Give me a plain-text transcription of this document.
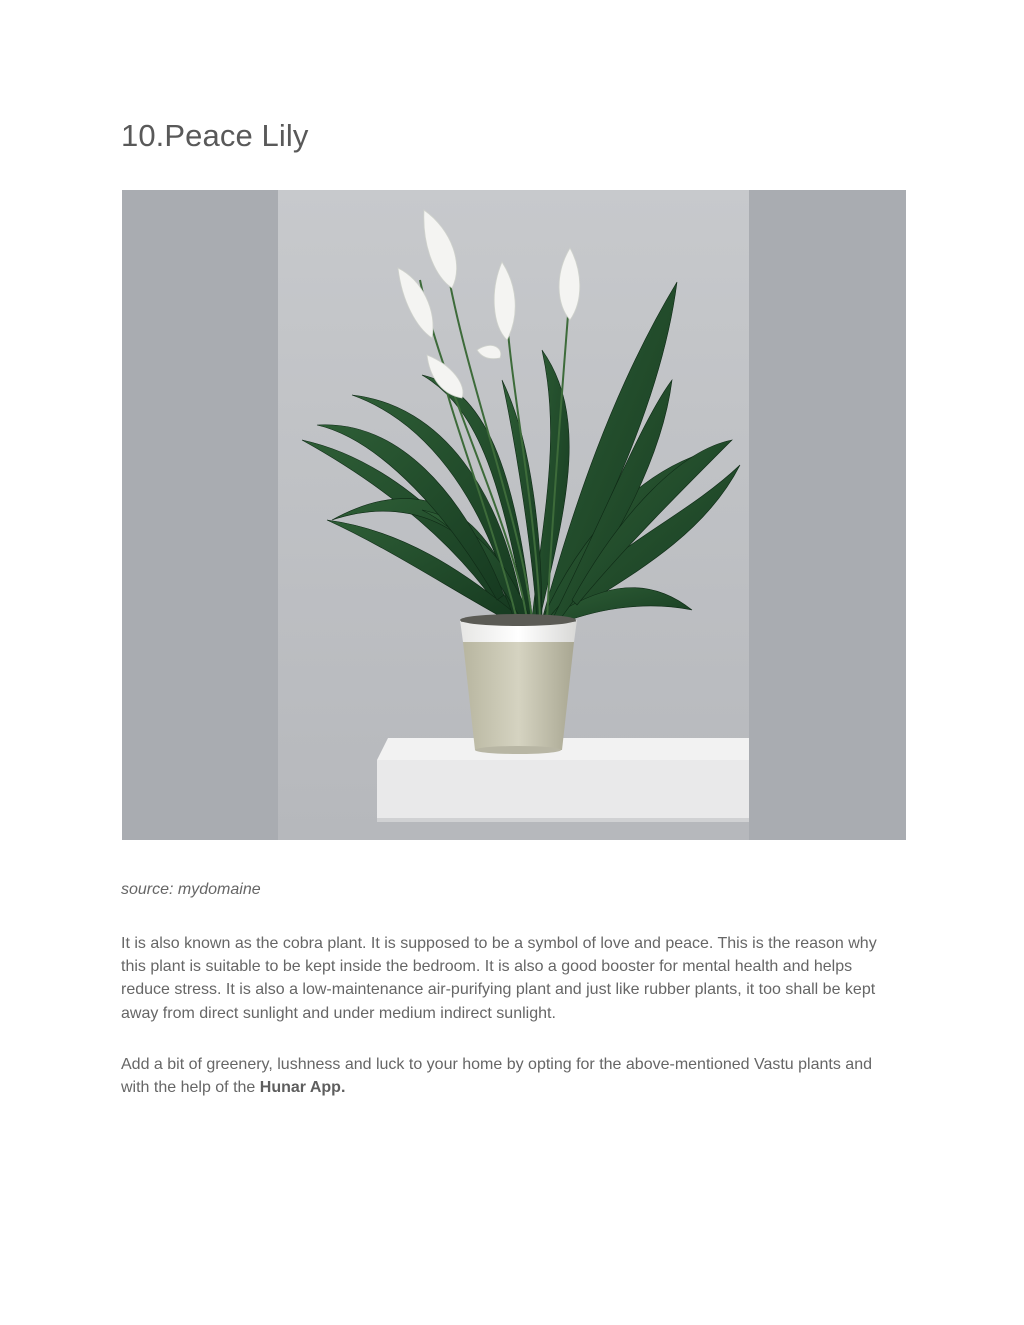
10.Peace Lily

source: mydomaine

It is also known as the cobra plant. It is supposed to be a symbol of love and peace. This is the reason why this plant is suitable to be kept inside the bedroom. It is also a good booster for mental health and helps reduce stress. It is also a low-maintenance air-purifying plant and just like rubber plants, it too shall be kept away from direct sunlight and under medium indirect sunlight.

Add a bit of greenery, lushness and luck to your home by opting for the above-mentioned Vastu plants and with the help of the Hunar App.
